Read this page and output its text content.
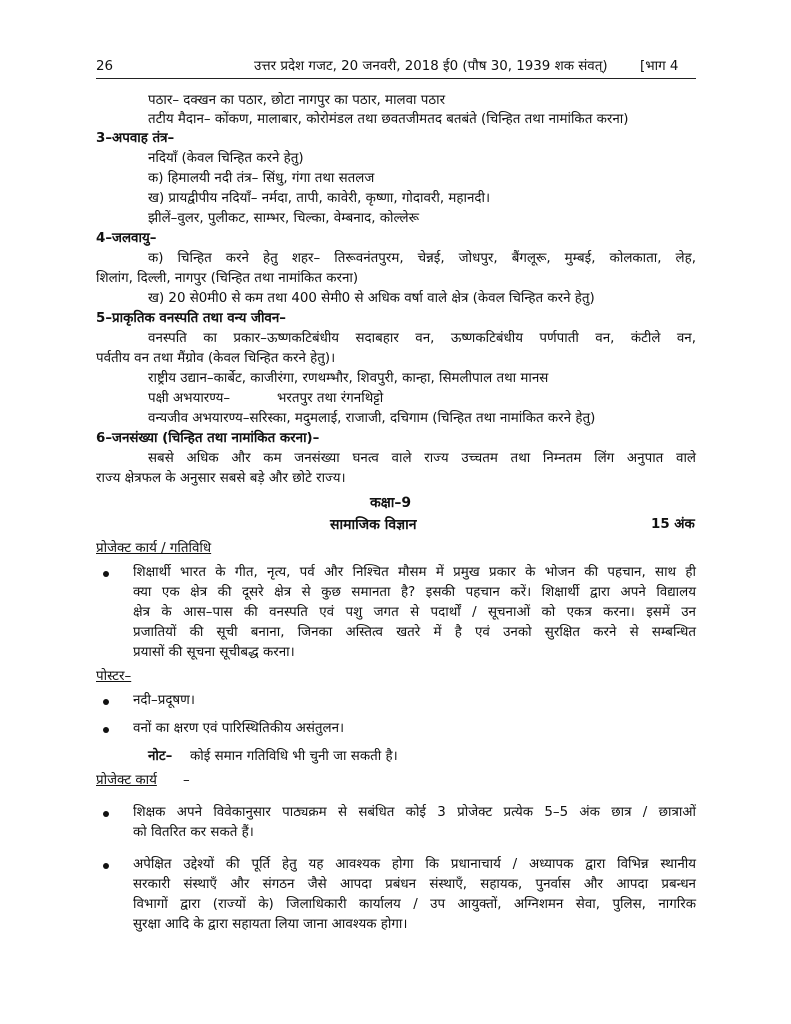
26	उत्तर प्रदेश गजट, 20 जनवरी, 2018 ई0 (पौष 30, 1939 शक संवत्) [भाग 4
पठार– दक्खन का पठार, छोटा नागपुर का पठार, मालवा पठार
तटीय मैदान– कोंकण, मालाबार, कोरोमंडल तथा छवतजीमतद बतबंते (चिन्हित तथा नामांकित करना)
3–अपवाह तंत्र–
नदियाँ (केवल चिन्हित करने हेतु)
क) हिमालयी नदी तंत्र– सिंधु, गंगा तथा सतलज
ख) प्रायद्वीपीय नदियाँ– नर्मदा, तापी, कावेरी, कृष्णा, गोदावरी, महानदी।
झीलें–वुलर, पुलीकट, साम्भर, चिल्का, वेम्बनाद, कोल्लेरू
4–जलवायु–
क) चिन्हित करने हेतु शहर– तिरूवनंतपुरम, चेन्नई, जोधपुर, बैंगलूरू, मुम्बई, कोलकाता, लेह,
शिलांग, दिल्ली, नागपुर (चिन्हित तथा नामांकित करना)
ख) 20 से0मी0 से कम तथा 400 सेमी0 से अधिक वर्षा वाले क्षेत्र (केवल चिन्हित करने हेतु)
5–प्राकृतिक वनस्पति तथा वन्य जीवन–
वनस्पति का प्रकार–ऊष्णकटिबंधीय सदाबहार वन, ऊष्णकटिबंधीय पर्णपाती वन, कंटीले वन,
पर्वतीय वन तथा मैंग्रोव (केवल चिन्हित करने हेतु)।
राष्ट्रीय उद्यान–कार्बेट, काजीरंगा, रणथम्भौर, शिवपुरी, कान्हा, सिमलीपाल तथा मानस
पक्षी अभयारण्य–	भरतपुर तथा रंगनथिट्टो
वन्यजीव अभयारण्य–सरिस्का, मदुमलाई, राजाजी, दचिगाम (चिन्हित तथा नामांकित करने हेतु)
6–जनसंख्या (चिन्हित तथा नामांकित करना)–
सबसे अधिक और कम जनसंख्या घनत्व वाले राज्य उच्चतम तथा निम्नतम लिंग अनुपात वाले
राज्य क्षेत्रफल के अनुसार सबसे बड़े और छोटे राज्य।
कक्षा–9
सामाजिक विज्ञान	15 अंक
प्रोजेक्ट कार्य / गतिविधि
शिक्षार्थी भारत के गीत, नृत्य, पर्व और निश्चित मौसम में प्रमुख प्रकार के भोजन की पहचान, साथ ही
क्या एक क्षेत्र की दूसरे क्षेत्र से कुछ समानता है? इसकी पहचान करें। शिक्षार्थी द्वारा अपने विद्यालय
क्षेत्र के आस–पास की वनस्पति एवं पशु जगत से पदार्थों / सूचनाओं को एकत्र करना। इसमें उन
प्रजातियों की सूची बनाना, जिनका अस्तित्व खतरे में है एवं उनको सुरक्षित करने से सम्बन्धित
प्रयासों की सूचना सूचीबद्ध करना।
पोस्टर–
नदी–प्रदूषण।
वनों का क्षरण एवं पारिस्थितिकीय असंतुलन।
नोट– कोई समान गतिविधि भी चुनी जा सकती है।
प्रोजेक्ट कार्य –
शिक्षक अपने विवेकानुसार पाठ्यक्रम से सबंधित कोई 3 प्रोजेक्ट प्रत्येक 5–5 अंक छात्र / छात्राओं
को वितरित कर सकते हैं।
अपेक्षित उद्देश्यों की पूर्ति हेतु यह आवश्यक होगा कि प्रधानाचार्य / अध्यापक द्वारा विभिन्न स्थानीय
सरकारी संस्थाएँ और संगठन जैसे आपदा प्रबंधन संस्थाएँ, सहायक, पुनर्वास और आपदा प्रबन्धन
विभागों द्वारा (राज्यों के) जिलाधिकारी कार्यालय / उप आयुक्तों, अग्निशमन सेवा, पुलिस, नागरिक
सुरक्षा आदि के द्वारा सहायता लिया जाना आवश्यक होगा।
